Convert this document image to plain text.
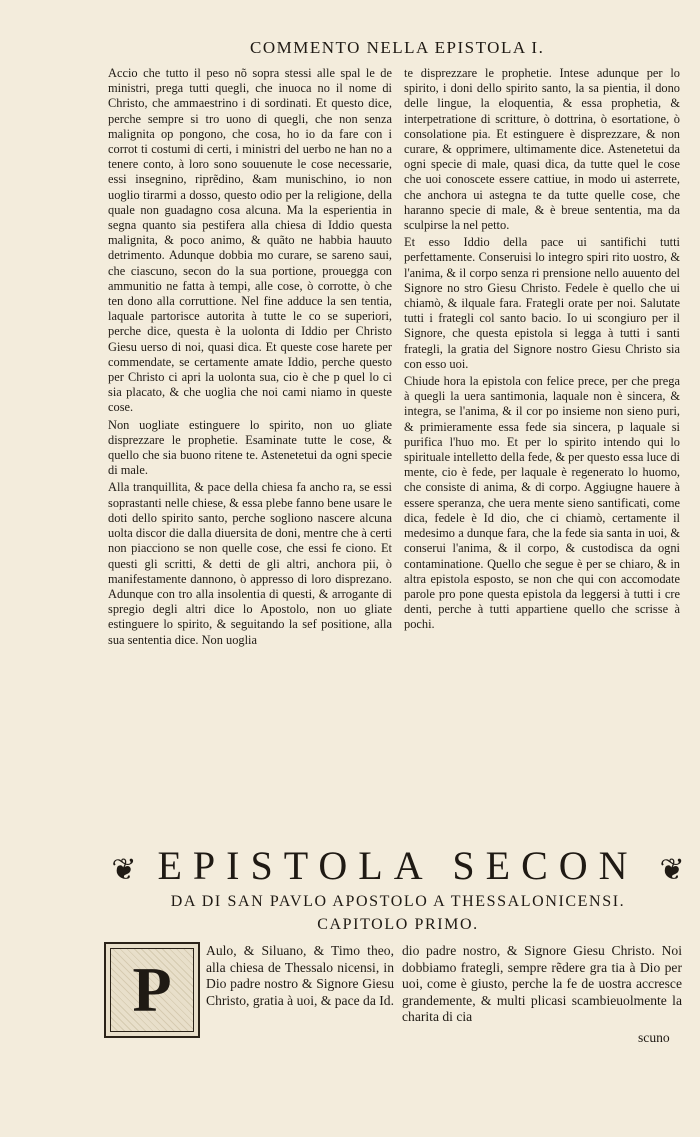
COMMENTO NELLA EPISTOLA I.

Accio che tutto il peso nõ sopra stessi alle spal le de ministri, prega tutti quegli, che inuoca no il nome di Christo, che ammaestrino i di sordinati. Et questo dice, perche sempre si tro uono di quegli, che non senza malignita op pongono, che cosa, ho io da fare con i corrot ti costumi di certi, i ministri del uerbo ne han no a tenere conto, à loro sono souuenute le cose necessarie, essi insegnino, riprẽdino, &am munischino, io non uoglio tirarmi a dosso, questo odio per la religione, della quale non guadagno cosa alcuna. Ma la esperientia in segna quanto sia pestifera alla chiesa di Iddio questa malignita, & poco animo, & quãto ne habbia hauuto detrimento. Adunque dobbia mo curare, se sareno saui, che ciascuno, secon do la sua portione, prouegga con ammunitio ne fatta à tempi, alle cose, ò corrotte, ò che ten dono alla corruttione. Nel fine adduce la sen tentia, laquale partorisce autorita à tutte le co se superiori, perche dice, questa è la uolonta di Iddio per Christo Giesu uerso di noi, quasi dica. Et queste cose harete per commendate, se certamente amate Iddio, perche questo per Christo ci apri la uolonta sua, cio è che p quel lo ci sia placato, & che uoglia che noi cami niamo in queste cose.

Non uogliate estinguere lo spirito, non uo gliate disprezzare le prophetie. Esaminate tutte le cose, & quello che sia buono ritene te. Astenetetui da ogni specie di male.

Alla tranquillita, & pace della chiesa fa ancho ra, se essi soprastanti nelle chiese, & essa plebe fanno bene usare le doti dello spirito santo, perche sogliono nascere alcuna uolta discor die dalla diuersita de doni, mentre che à certi non piacciono se non quelle cose, che essi fe ciono. Et questi gli scritti, & detti de gli altri, anchora pii, ò manifestamente dannono, ò appresso di loro disprezano. Adunque con tro alla insolentia di questi, & arrogante di spregio degli altri dice lo Apostolo, non uo gliate estinguere lo spirito, & seguitando la sef positione, alla sua sententia dice. Non uoglia

te disprezzare le prophetie. Intese adunque per lo spirito, i doni dello spirito santo, la sa pientia, il dono delle lingue, la eloquentia, & essa prophetia, & interpetratione di scritture, ò dottrina, ò esortatione, ò consolatione pia. Et estinguere è disprezzare, & non curare, & opprimere, ultimamente dice. Astenetetui da ogni specie di male, quasi dica, da tutte quel le cose che uoi conoscete essere cattiue, in modo ui asterrete, che anchora ui astegna te da tutte quelle cose, che haranno specie di male, & è breue sententia, ma da sculpirse la nel petto.

Et esso Iddio della pace ui santifichi tutti perfettamente. Conseruisi lo integro spiri rito uostro, & l'anima, & il corpo senza ri prensione nello auuento del Signore no stro Giesu Christo. Fedele è quello che ui chiamò, & ilquale fara. Frategli orate per noi. Salutate tutti i frategli col santo bacio. Io ui scongiuro per il Signore, che questa epistola si legga à tutti i santi frategli, la gratia del Signore nostro Giesu Christo sia con esso uoi.

Chiude hora la epistola con felice prece, per che prega à quegli la uera santimonia, laquale non è sincera, & integra, se l'anima, & il cor po insieme non sieno puri, & primieramente essa fede sia sincera, p laquale si purifica l'huo mo. Et per lo spirito intendo qui lo spirituale intelletto della fede, & per questo essa luce di mente, cio è fede, per laquale è regenerato lo huomo, che consiste di anima, & di corpo. Aggiugne hauere à essere speranza, che uera mente sieno santificati, come dica, fedele è Id dio, che ci chiamò, certamente il medesimo a dunque fara, che la fede sia santa in uoi, & conserui l'anima, & il corpo, & custodisca da ogni contaminatione. Quello che segue è per se chiaro, & in altra epistola esposto, se non che qui con accomodate parole pro pone questa epistola da leggersi à tutti i cre denti, perche à tutti appartiene quello che scrisse à pochi.

❦ EPISTOLA SECON ❦
DA DI SAN PAVLO APOSTOLO A THESSALONICENSI.
CAPITOLO PRIMO.
P

Aulo, & Siluano, & Timo theo, alla chiesa de Thessalo nicensi, in Dio padre nostro & Signore Giesu Christo, gratia à uoi, & pace da Id.

dio padre nostro, & Signore Giesu Christo. Noi dobbiamo frategli, sempre rẽdere gra tia à Dio per uoi, come è giusto, perche la fe de uostra accresce grandemente, & multi plicasi scambieuolmente la charita di cia

scuno
